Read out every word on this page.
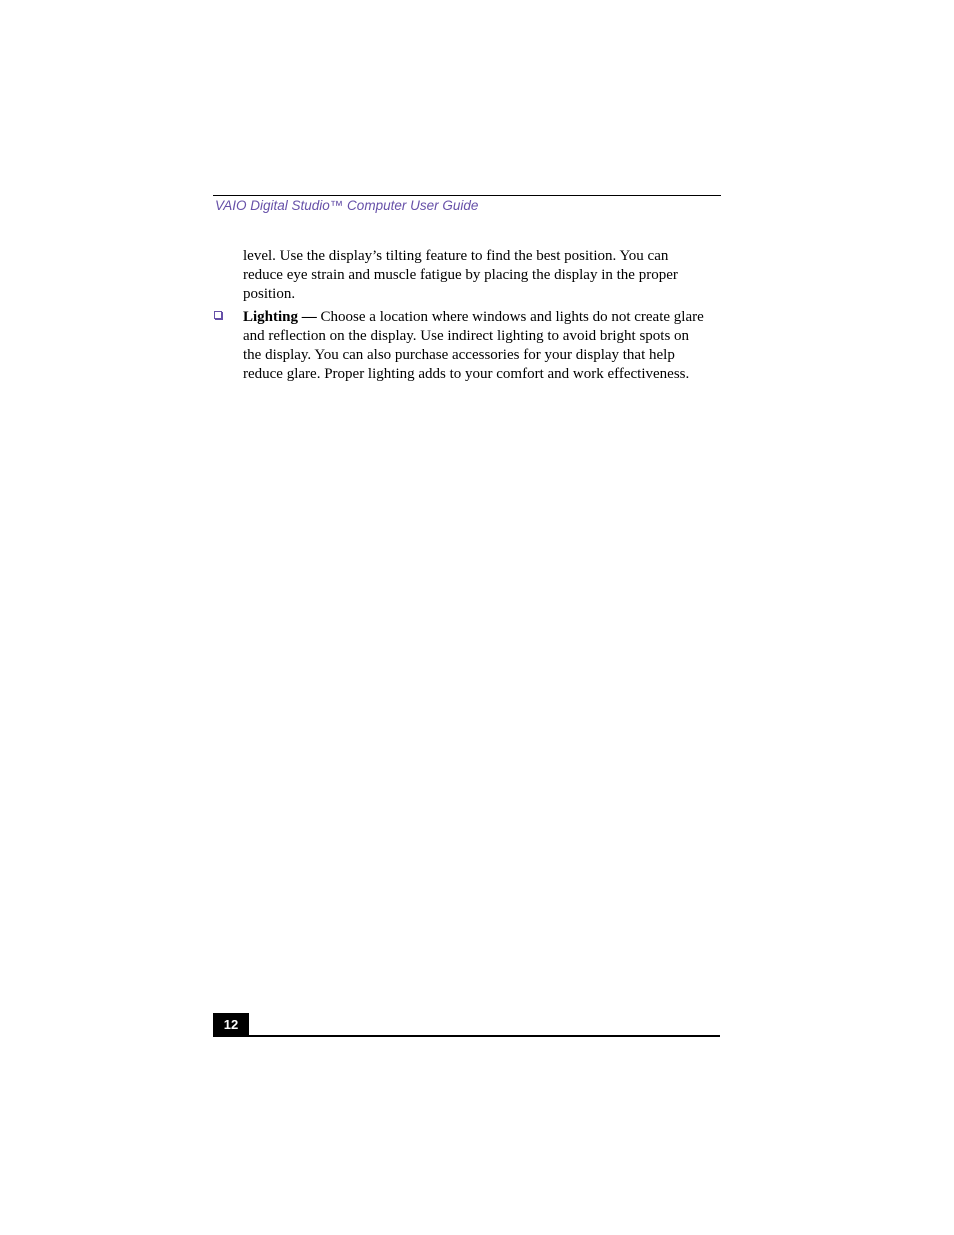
VAIO Digital Studio™ Computer User Guide
level. Use the display’s tilting feature to find the best position. You can
reduce eye strain and muscle fatigue by placing the display in the proper
position.
Lighting — Choose a location where windows and lights do not create glare
and reflection on the display. Use indirect lighting to avoid bright spots on
the display. You can also purchase accessories for your display that help
reduce glare. Proper lighting adds to your comfort and work effectiveness.
12
